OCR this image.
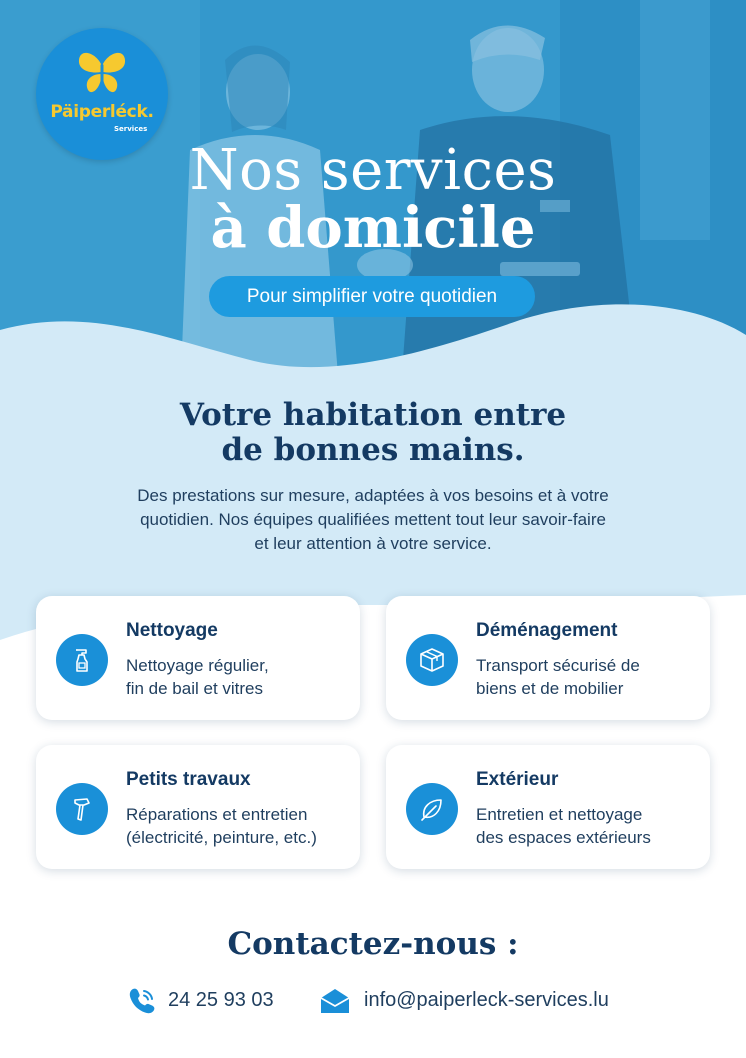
Päiperléck.
Services
Nos services
à domicile
Pour simplifier votre quotidien
Votre habitation entre
de bonnes mains.
Des prestations sur mesure, adaptées à vos besoins et à votre
quotidien. Nos équipes qualifiées mettent tout leur savoir-faire
et leur attention à votre service.
Nettoyage
Nettoyage régulier,
fin de bail et vitres
Déménagement
Transport sécurisé de
biens et de mobilier
Petits travaux
Réparations et entretien
(électricité, peinture, etc.)
Extérieur
Entretien et nettoyage
des espaces extérieurs
Contactez-nous :
24 25 93 03	info@paiperleck-services.lu
